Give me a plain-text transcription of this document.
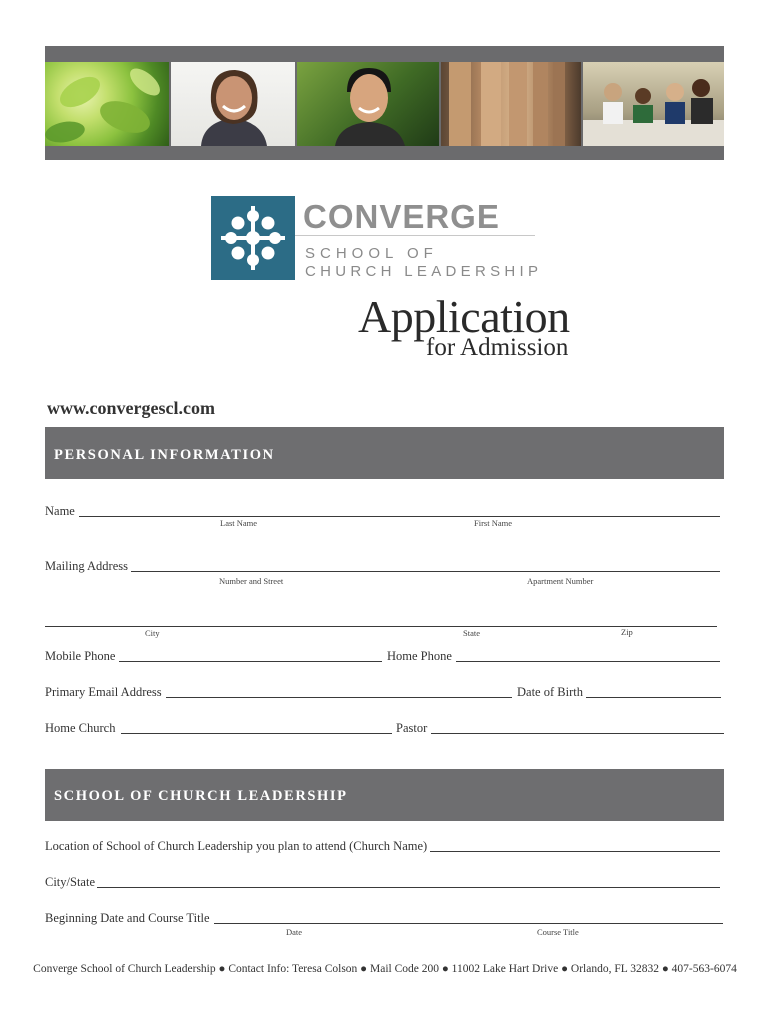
CONVERGE
SCHOOL OF
CHURCH LEADERSHIP
Application
for Admission
www.convergescl.com
PERSONAL INFORMATION
Name
Last Name	First Name
Mailing Address
Number and Street	Apartment Number
City	State	Zip
Mobile Phone	Home Phone
Primary Email Address	Date of Birth
Home Church	Pastor
SCHOOL OF CHURCH LEADERSHIP
Location of School of Church Leadership you plan to attend (Church Name)
City/State
Beginning Date and Course Title
Date	Course Title
Converge School of Church Leadership ● Contact Info: Teresa Colson ● Mail Code 200 ● 11002 Lake Hart Drive ● Orlando, FL 32832 ● 407-563-6074
